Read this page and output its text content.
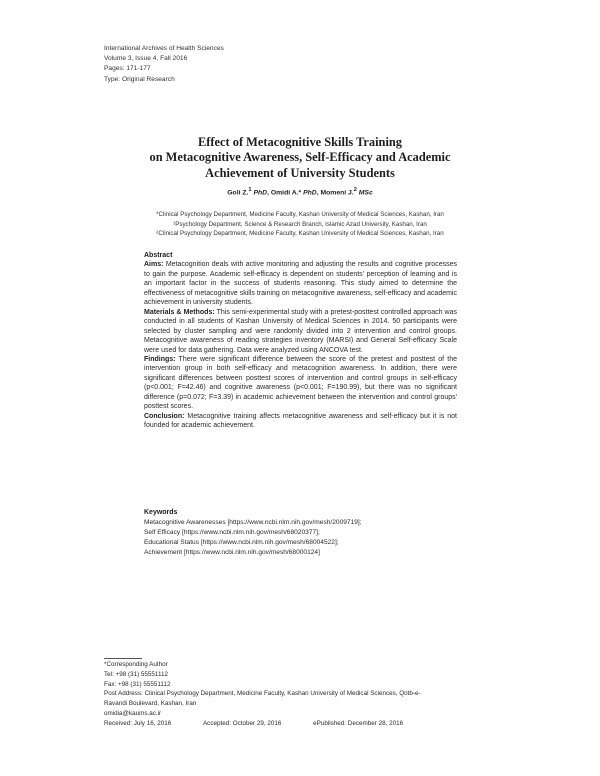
International Archives of Health Sciences
Volume 3, Issue 4, Fall 2016
Pages: 171-177
Type: Original Research
Effect of Metacognitive Skills Training
on Metacognitive Awareness, Self-Efficacy and Academic
Achievement of University Students
Goli Z.$^1$ PhD, Omidi A.* PhD, Momeni J.$^2$ MSc
*Clinical Psychology Department, Medicine Faculty, Kashan University of Medical Sciences, Kashan, Iran
¹Psychology Department, Science & Research Branch, Islamic Azad University, Kashan, Iran
²Clinical Psychology Department, Medicine Faculty, Kashan University of Medical Sciences, Kashan, Iran

Abstract

Aims: Metacognition deals with active monitoring and adjusting the results and cognitive processes to gain the purpose. Academic self-efficacy is dependent on students' perception of learning and is an important factor in the success of students reasoning. This study aimed to determine the effectiveness of metacognitive skills training on metacognitive awareness, self-efficacy and academic achievement in university students.

Materials & Methods: This semi-experimental study with a pretest-posttest controlled approach was conducted in all students of Kashan University of Medical Sciences in 2014. 50 participants were selected by cluster sampling and were randomly divided into 2 intervention and control groups. Metacognitive awareness of reading strategies inventory (MARSI) and General Self-efficacy Scale were used for data gathering. Data were analyzed using ANCOVA test.

Findings: There were significant difference between the score of the pretest and posttest of the intervention group in both self-efficacy and metacognition awareness. In addition, there were significant differences between posttest scores of intervention and control groups in self-efficacy (p<0.001; F=42.46) and cognitive awareness (p<0.001; F=190.99), but there was no significant difference (p=0.072; F=3.39) in academic achievement between the intervention and control groups' posttest scores.

Conclusion: Metacognitive training affects metacognitive awareness and self-efficacy but it is not founded for academic achievement.

Keywords
Metacognitive Awarenesses [https://www.ncbi.nlm.nih.gov/mesh/2009719];
Self Efficacy [https://www.ncbi.nlm.nih.gov/mesh/68020377];
Educational Status [https://www.ncbi.nlm.nih.gov/mesh/68004522];
Achievement [https://www.ncbi.nlm.nih.gov/mesh/68000124]
*Corresponding Author
Tel: +98 (31) 55551112
Fax: +98 (31) 55551112
Post Address: Clinical Psychology Department, Medicine Faculty, Kashan University of Medical Sciences, Qotb-e-
Ravandi Boulevard, Kashan, Iran
omidia@kaums.ac.ir
Received: July 16, 2016	Accepted: October 29, 2016	ePublished: December 28, 2016
